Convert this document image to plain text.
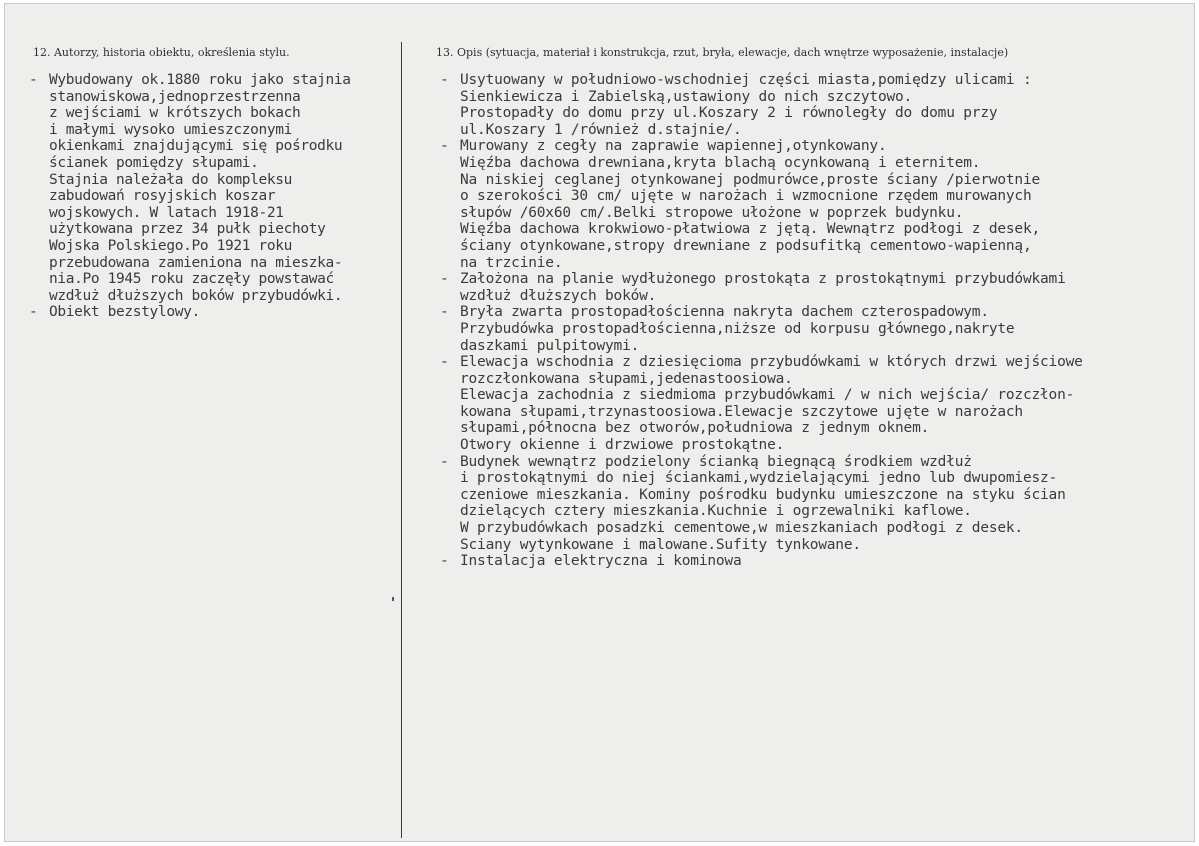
12. Autorzy, historia obiektu, określenia stylu.	13. Opis (sytuacja, materiał i konstrukcja, rzut, bryła, elewacje, dach wnętrze wyposażenie, instalacje)
- Wybudowany ok.1880 roku jako stajnia
stanowiskowa,jednoprzestrzenna
z wejściami w krótszych bokach
i małymi wysoko umieszczonymi
okienkami znajdującymi się pośrodku
ścianek pomiędzy słupami.
Stajnia należała do kompleksu
zabudowań rosyjskich koszar
wojskowych. W latach 1918-21
użytkowana przez 34 pułk piechoty
Wojska Polskiego.Po 1921 roku
przebudowana zamieniona na mieszka-
nia.Po 1945 roku zaczęły powstawać
wzdłuż dłuższych boków przybudówki.
- Obiekt bezstylowy.
- Usytuowany w południowo-wschodniej części miasta,pomiędzy ulicami :
Sienkiewicza i Zabielską,ustawiony do nich szczytowo.
Prostopadły do domu przy ul.Koszary 2 i równoległy do domu przy
ul.Koszary 1 /również d.stajnie/.
- Murowany z cegły na zaprawie wapiennej,otynkowany.
Więźba dachowa drewniana,kryta blachą ocynkowaną i eternitem.
Na niskiej ceglanej otynkowanej podmurówce,proste ściany /pierwotnie
o szerokości 30 cm/ ujęte w narożach i wzmocnione rzędem murowanych
słupów /60x60 cm/.Belki stropowe ułożone w poprzek budynku.
Więźba dachowa krokwiowo-płatwiowa z jętą. Wewnątrz podłogi z desek,
ściany otynkowane,stropy drewniane z podsufitką cementowo-wapienną,
na trzcinie.
- Założona na planie wydłużonego prostokąta z prostokątnymi przybudówkami
wzdłuż dłuższych boków.
- Bryła zwarta prostopadłościenna nakryta dachem czterospadowym.
Przybudówka prostopadłościenna,niższe od korpusu głównego,nakryte
daszkami pulpitowymi.
- Elewacja wschodnia z dziesięcioma przybudówkami w których drzwi wejściowe
rozczłonkowana słupami,jedenastoosiowa.
Elewacja zachodnia z siedmioma przybudówkami / w nich wejścia/ rozczłon-
kowana słupami,trzynastoosiowa.Elewacje szczytowe ujęte w narożach
słupami,północna bez otworów,południowa z jednym oknem.
Otwory okienne i drzwiowe prostokątne.
- Budynek wewnątrz podzielony ścianką biegnącą środkiem wzdłuż
i prostokątnymi do niej ściankami,wydzielającymi jedno lub dwupomiesz-
czeniowe mieszkania. Kominy pośrodku budynku umieszczone na styku ścian
dzielących cztery mieszkania.Kuchnie i ogrzewalniki kaflowe.
W przybudówkach posadzki cementowe,w mieszkaniach podłogi z desek.
Sciany wytynkowane i malowane.Sufity tynkowane.
- Instalacja elektryczna i kominowa
